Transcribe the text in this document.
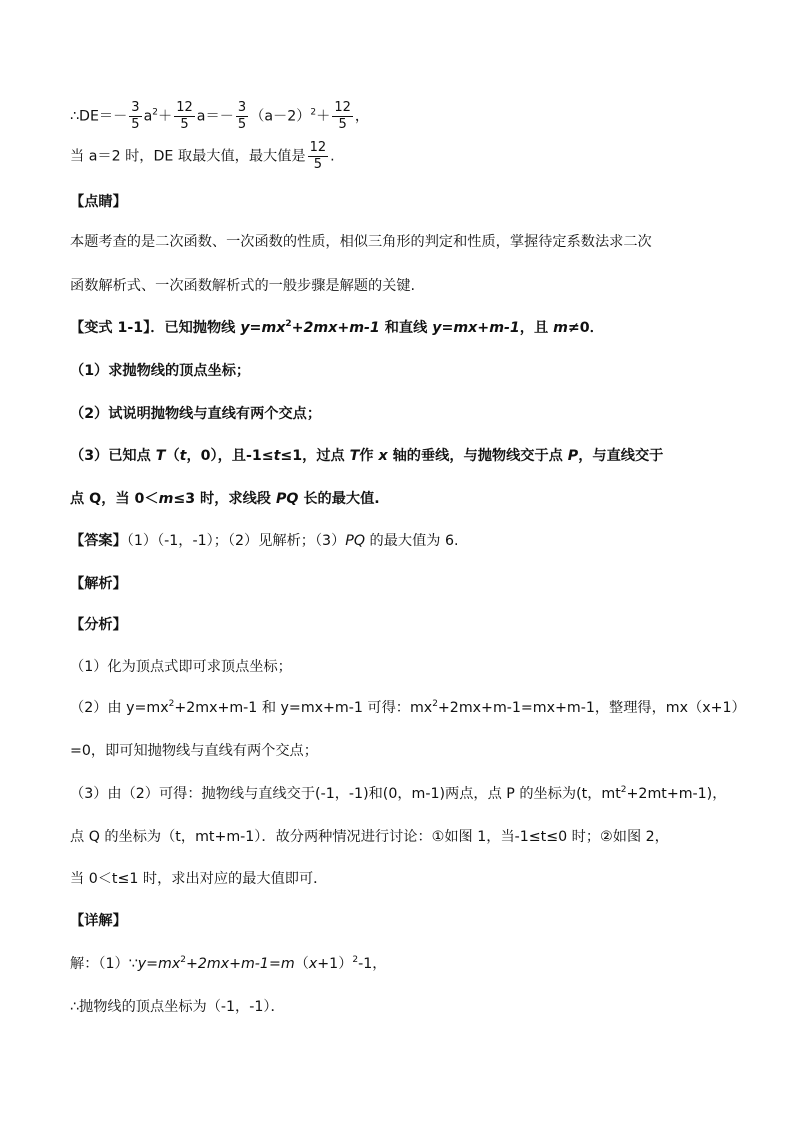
∴DE＝－ $\frac{3}{5} a^2+ \frac{12}{5} a=- \frac{3}{5} (a-2)^2+ \frac{12}{5}$ ，
当 a＝2 时，DE 取最大值，最大值是 $\frac{12}{5}$ .
【点睛】
本题考查的是二次函数、一次函数的性质，相似三角形的判定和性质，掌握待定系数法求二次
函数解析式、一次函数解析式的一般步骤是解题的关键.
【变式 1-1】．已知抛物线 $y=mx^2+2mx+m-1$ 和直线 y=mx+m-1，且 m≠0．
（1）求抛物线的顶点坐标；
（2）试说明抛物线与直线有两个交点；
（3）已知点 T（t，0），且-1≤t≤1，过点 T作 x 轴的垂线，与抛物线交于点 P，与直线交于
点 Q，当 0＜m≤3 时，求线段 PQ 长的最大值.
【答案】（1）（-1，-1）；（2）见解析；（3）PQ 的最大值为 6.
【解析】
【分析】
（1）化为顶点式即可求顶点坐标；
（2）由 $y=mx^2+2mx+m-1$ 和 y=mx+m-1 可得：$mx^2+2mx+m-1=mx+m-1$，整理得，mx（x+1）
=0，即可知抛物线与直线有两个交点；
（3）由（2）可得：抛物线与直线交于(-1，-1)和(0，m-1)两点，点 P 的坐标为(t，$mt^2+2mt+m-1$)，
点 Q 的坐标为（t，mt+m-1）．故分两种情况进行讨论：①如图 1，当-1≤t≤0 时；②如图 2，
当 0＜t≤1 时，求出对应的最大值即可．
【详解】
解：$(1)\because y=mx^2+2mx+m-1=m(x+1)^2-1$，
∴抛物线的顶点坐标为（-1，-1）．
